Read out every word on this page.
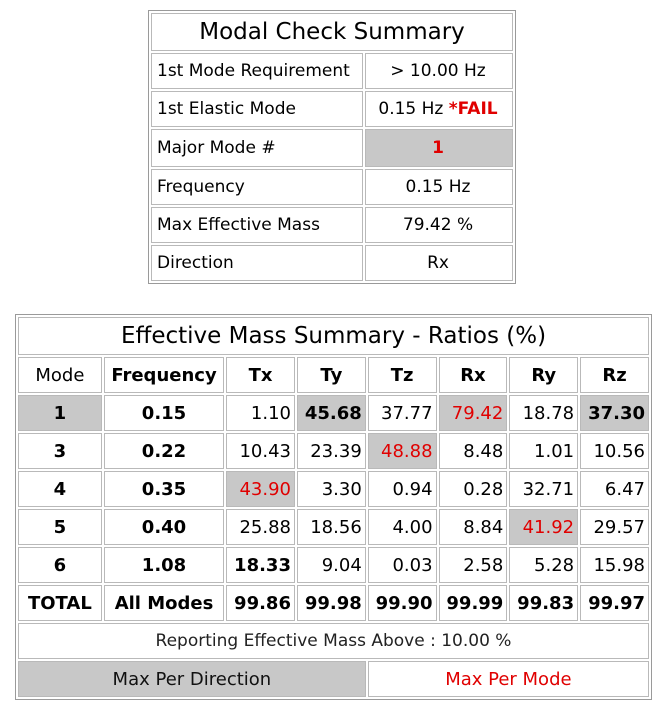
Modal Check Summary	
1st Mode Requirement	> 10.00 Hz
1st Elastic Mode	0.15 Hz *FAIL
Major Mode #	1
Frequency	0.15 Hz
Max Effective Mass	79.42 %
Direction	Rx
Effective Mass Summary - Ratios (%)							
Mode	Frequency	Tx	Ty	Tz	Rx	Ry	Rz
1	0.15	1.10	45.68	37.77	79.42	18.78	37.30
3	0.22	10.43	23.39	48.88	8.48	1.01	10.56
4	0.35	43.90	3.30	0.94	0.28	32.71	6.47
5	0.40	25.88	18.56	4.00	8.84	41.92	29.57
6	1.08	18.33	9.04	0.03	2.58	5.28	15.98
TOTAL	All Modes	99.86	99.98	99.90	99.99	99.83	99.97
Reporting Effective Mass Above : 10.00 %							
Max Per Direction				Max Per Mode			
